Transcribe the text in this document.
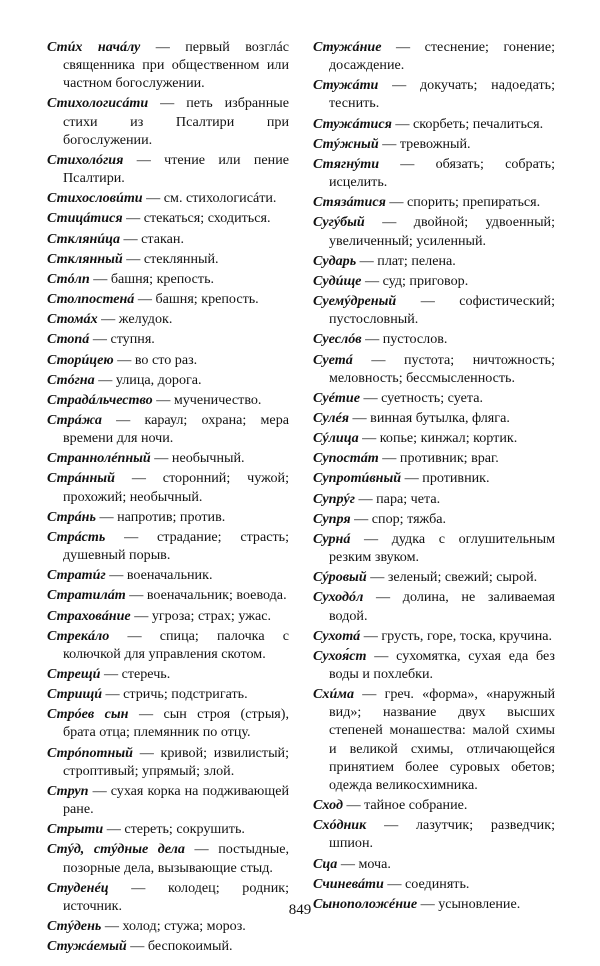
Стúх начáлу — первый возглáс священника при общественном или частном богослужении.

Стихологисáти — петь избранные стихи из Псалтири при богослужении.

Стихолóгия — чтение или пение Псалтири.

Стихословúти — см. стихологисáти.

Стицáтися — стекаться; сходиться.

Стклянúца — стакан.

Стклянный — стеклянный.

Стóлп — башня; крепость.

Столпостенá — башня; крепость.

Стомáх — желудок.

Стопá — ступня.

Сторúцею — во сто раз.

Стóгна — улица, дорога.

Страдáльчество — мученичество.

Стрáжа — караул; охрана; мера времени для ночи.

Страннолéпный — необычный.

Стрáнный — сторонний; чужой; прохожий; необычный.

Стрáнь — напротив; против.

Стрáсть — страдание; страсть; душевный порыв.

Стратúг — военачальник.

Стратилáт — военачальник; воевода.

Страховáние — угроза; страх; ужас.

Стрекáло — спица; палочка с колючкой для управления скотом.

Стрещú — стеречь.

Стрищú — стричь; подстригать.

Стрóев сын — сын строя (стрыя), брата отца; племянник по отцу.

Стрóпотный — кривой; извилистый; строптивый; упрямый; злой.

Струп — сухая корка на подживающей ране.

Стрыти — стереть; сокрушить.

Стýд, стýдные дела — постыдные, позорные дела, вызывающие стыд.

Студенéц — колодец; родник; источник.

Стýдень — холод; стужа; мороз.

Стужáемый — беспокоимый.

Стужáние — стеснение; гонение; досаждение.

Стужáти — докучать; надоедать; теснить.

Стужáтися — скорбеть; печалиться.

Стýжный — тревожный.

Стягнýти — обязать; собрать; исцелить.

Стязáтися — спорить; препираться.

Сугýбый — двойной; удвоенный; увеличенный; усиленный.

Сударь — плат; пелена.

Судúще — суд; приговор.

Суемýдреный — софистический; пустословный.

Суеслóв — пустослов.

Суетá — пустота; ничтожность; меловность; бессмысленность.

Суéтие — суетность; суета.

Сулéя — винная бутылка, фляга.

Сýлица — копье; кинжал; кортик.

Супостáт — противник; враг.

Супротúвный — противник.

Супрýг — пара; чета.

Супря — спор; тяжба.

Сурнá — дудка с оглушительным резким звуком.

Сýровый — зеленый; свежий; сырой.

Суходóл — долина, не заливаемая водой.

Сухотá — грусть, горе, тоска, кручина.

Сухоя́ст — сухомятка, сухая еда без воды и похлебки.

Схúма — греч. «форма», «наружный вид»; название двух высших степеней монашества: малой схимы и великой схимы, отличающейся принятием более суровых обетов; одежда великосхимника.

Сход — тайное собрание.

Схóдник — лазутчик; разведчик; шпион.

Сца — моча.

Счиневáти — соединять.

Сыноположéние — усыновление.

849
